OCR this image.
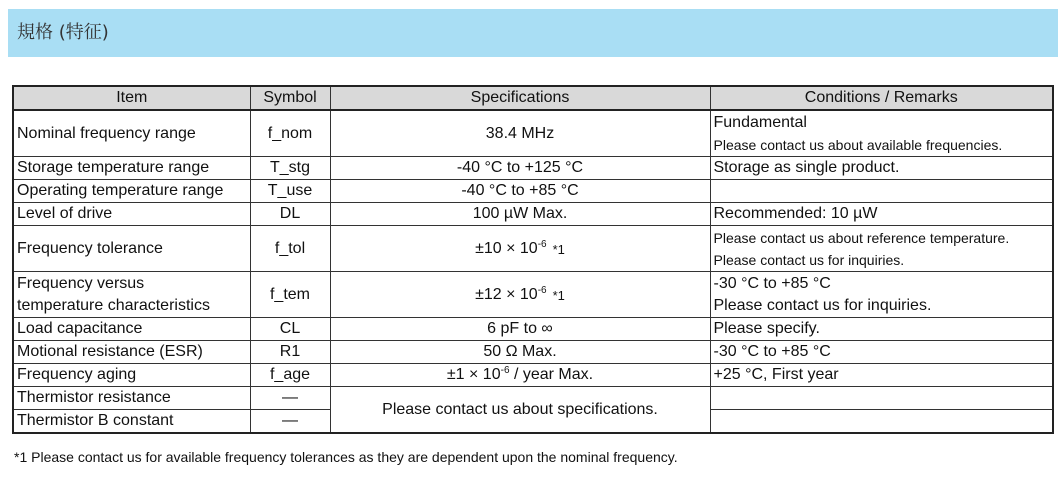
規格 (特征)
Item	Symbol	Specifications	Conditions / Remarks
Nominal frequency range	f_nom	38.4 MHz	Fundamental
Please contact us about available frequencies.

Storage temperature range	T_stg	-40 °C to +125 °C	Storage as single product.
Operating temperature range	T_use	-40 °C to +85 °C	
Level of drive	DL	100 µW Max.	Recommended: 10 µW
Frequency tolerance	f_tol	$\pm 10 \times 10^{-6}$ *1	Please contact us about reference temperature.
Please contact us for inquiries.

Frequency versus
temperature characteristics	f_tem	$\pm 12 \times 10^{-6}$ *1	-30 °C to +85 °C
Please contact us for inquiries.

Load capacitance	CL	6 pF to ∞	Please specify.
Motional resistance (ESR)	R1	50 Ω Max.	-30 °C to +85 °C
Frequency aging	f_age	$\pm 1 \times 10^{-6}$ / year Max.	+25 °C, First year
Thermistor resistance	—	Please contact us about specifications.	
Thermistor B constant	—		
*1 Please contact us for available frequency tolerances as they are dependent upon the nominal frequency.
